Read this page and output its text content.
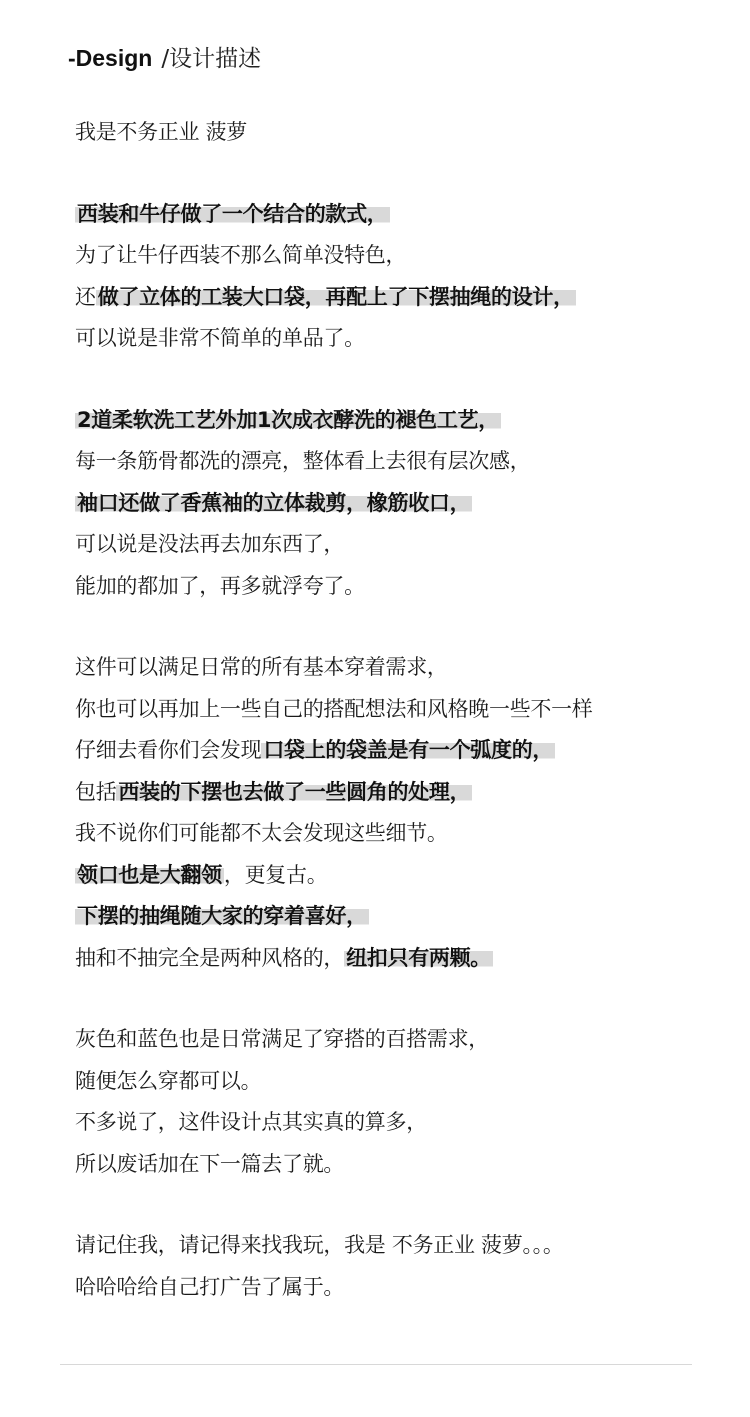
-Design /设计描述
我是不务正业 菠萝
西装和牛仔做了一个结合的款式，
为了让牛仔西装不那么简单没特色，
还做了立体的工装大口袋，再配上了下摆抽绳的设计，
可以说是非常不简单的单品了。
2道柔软洗工艺外加1次成衣酵洗的褪色工艺，
每一条筋骨都洗的漂亮，整体看上去很有层次感，
袖口还做了香蕉袖的立体裁剪，橡筋收口，
可以说是没法再去加东西了，
能加的都加了，再多就浮夸了。
这件可以满足日常的所有基本穿着需求，
你也可以再加上一些自己的搭配想法和风格晚一些不一样
仔细去看你们会发现口袋上的袋盖是有一个弧度的，
包括西装的下摆也去做了一些圆角的处理，
我不说你们可能都不太会发现这些细节。
领口也是大翻领，更复古。
下摆的抽绳随大家的穿着喜好，
抽和不抽完全是两种风格的，纽扣只有两颗。
灰色和蓝色也是日常满足了穿搭的百搭需求，
随便怎么穿都可以。
不多说了，这件设计点其实真的算多，
所以废话加在下一篇去了就。
请记住我，请记得来找我玩，我是 不务正业 菠萝。。。
哈哈哈给自己打广告了属于。
